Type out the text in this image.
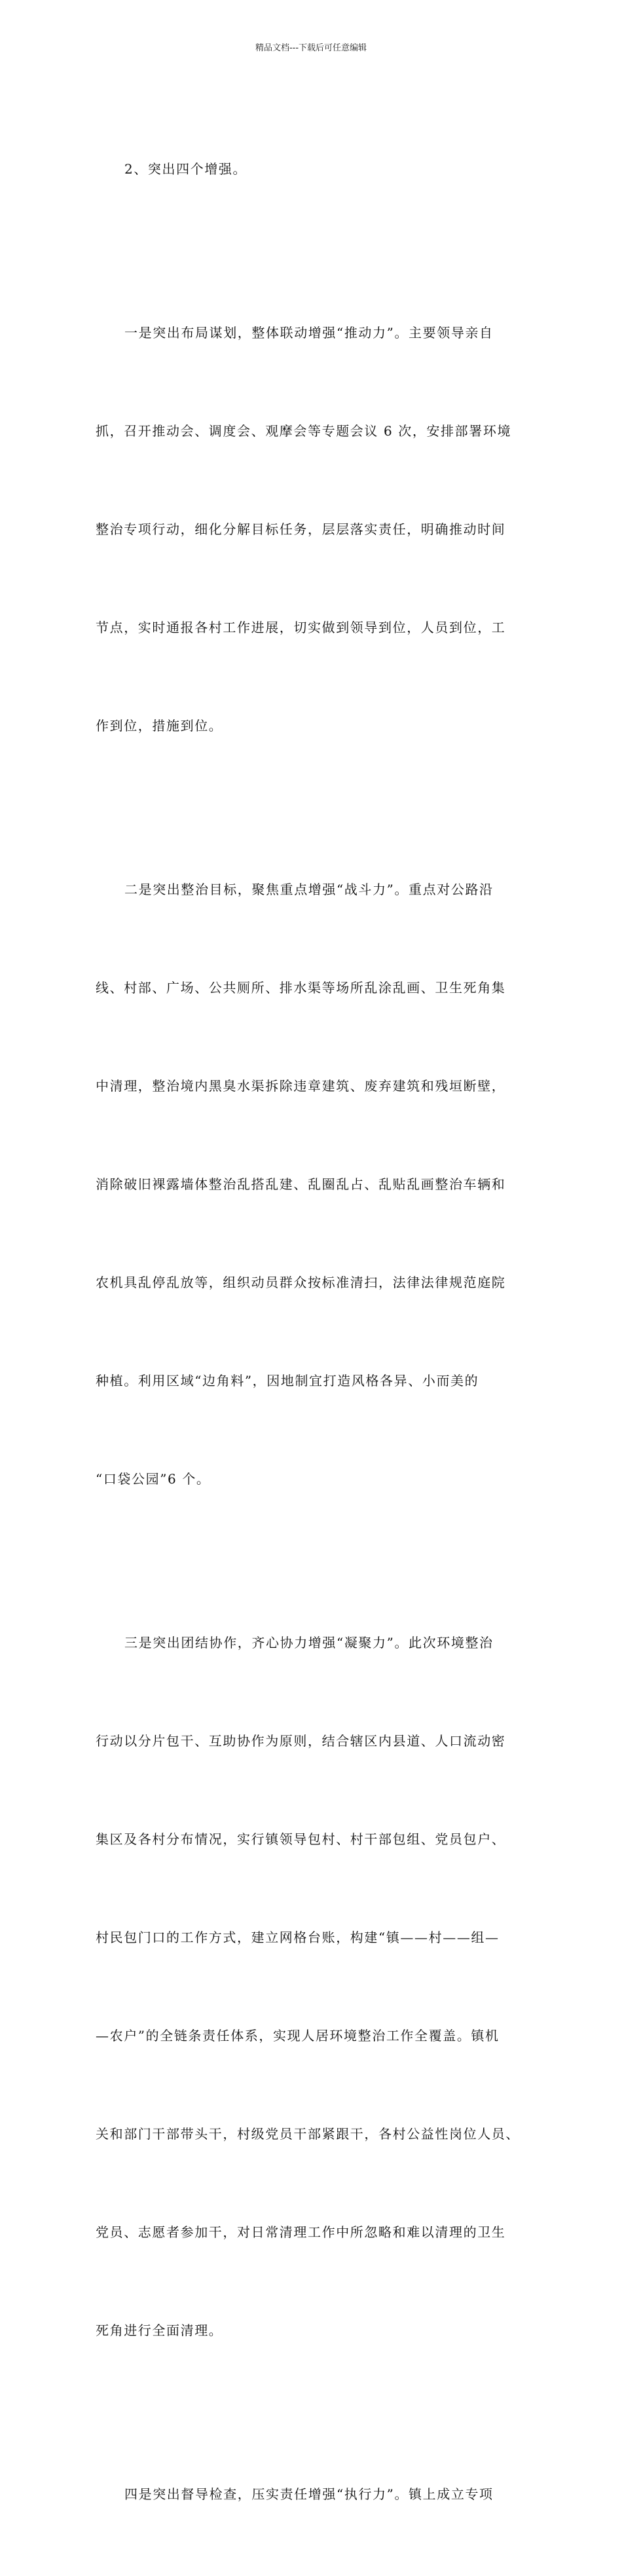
精品文档---下载后可任意编辑

2、突出四个增强。

一是突出布局谋划，整体联动增强“推动力”。主要领导亲自

抓，召开推动会、调度会、观摩会等专题会议 6 次，安排部署环境

整治专项行动，细化分解目标任务，层层落实责任，明确推动时间

节点，实时通报各村工作进展，切实做到领导到位，人员到位，工

作到位，措施到位。

二是突出整治目标，聚焦重点增强“战斗力”。重点对公路沿

线、村部、广场、公共厕所、排水渠等场所乱涂乱画、卫生死角集

中清理，整治境内黑臭水渠拆除违章建筑、废弃建筑和残垣断壁，

消除破旧裸露墙体整治乱搭乱建、乱圈乱占、乱贴乱画整治车辆和

农机具乱停乱放等，组织动员群众按标准清扫，法律法律规范庭院

种植。利用区域“边角料”，因地制宜打造风格各异、小而美的

“口袋公园”6 个。

三是突出团结协作，齐心协力增强“凝聚力”。此次环境整治

行动以分片包干、互助协作为原则，结合辖区内县道、人口流动密

集区及各村分布情况，实行镇领导包村、村干部包组、党员包户、

村民包门口的工作方式，建立网格台账，构建“镇——村——组—

—农户”的全链条责任体系，实现人居环境整治工作全覆盖。镇机

关和部门干部带头干，村级党员干部紧跟干，各村公益性岗位人员、

党员、志愿者参加干，对日常清理工作中所忽略和难以清理的卫生

死角进行全面清理。

四是突出督导检查，压实责任增强“执行力”。镇上成立专项
